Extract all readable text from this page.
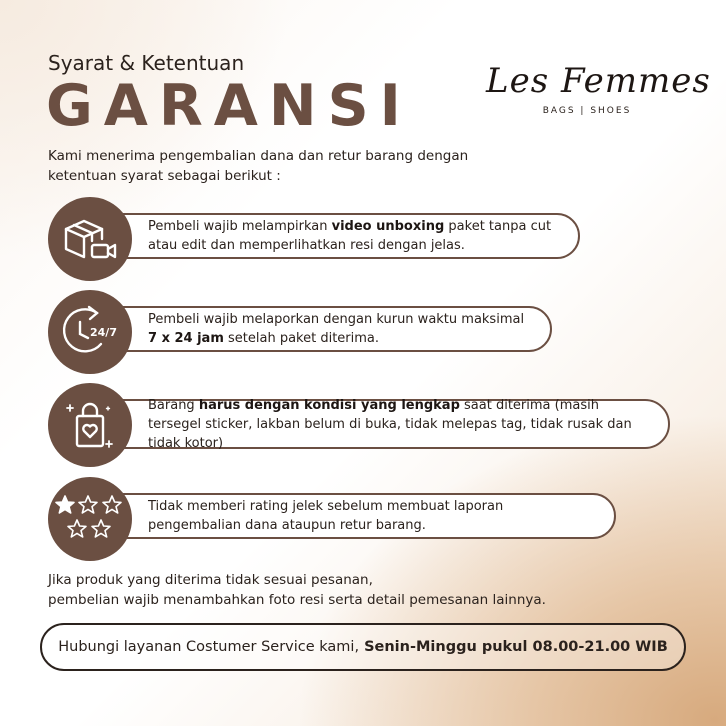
Syarat & Ketentuan
GARANSI Les Femmes
BAGS | SHOES
Kami menerima pengembalian dana dan retur barang dengan ketentuan syarat sebagai berikut :
Pembeli wajib melampirkan video unboxing paket tanpa cut atau edit dan memperlihatkan resi dengan jelas.
Pembeli wajib melaporkan dengan kurun waktu maksimal
7 x 24 jam setelah paket diterima.
24/7
Barang harus dengan kondisi yang lengkap saat diterima (masih tersegel sticker, lakban belum di buka, tidak melepas tag, tidak rusak dan tidak kotor)
Tidak memberi rating jelek sebelum membuat laporan pengembalian dana ataupun retur barang.
Jika produk yang diterima tidak sesuai pesanan,
pembelian wajib menambahkan foto resi serta detail pemesanan lainnya.
Hubungi layanan Costumer Service kami, Senin-Minggu pukul 08.00-21.00 WIB
